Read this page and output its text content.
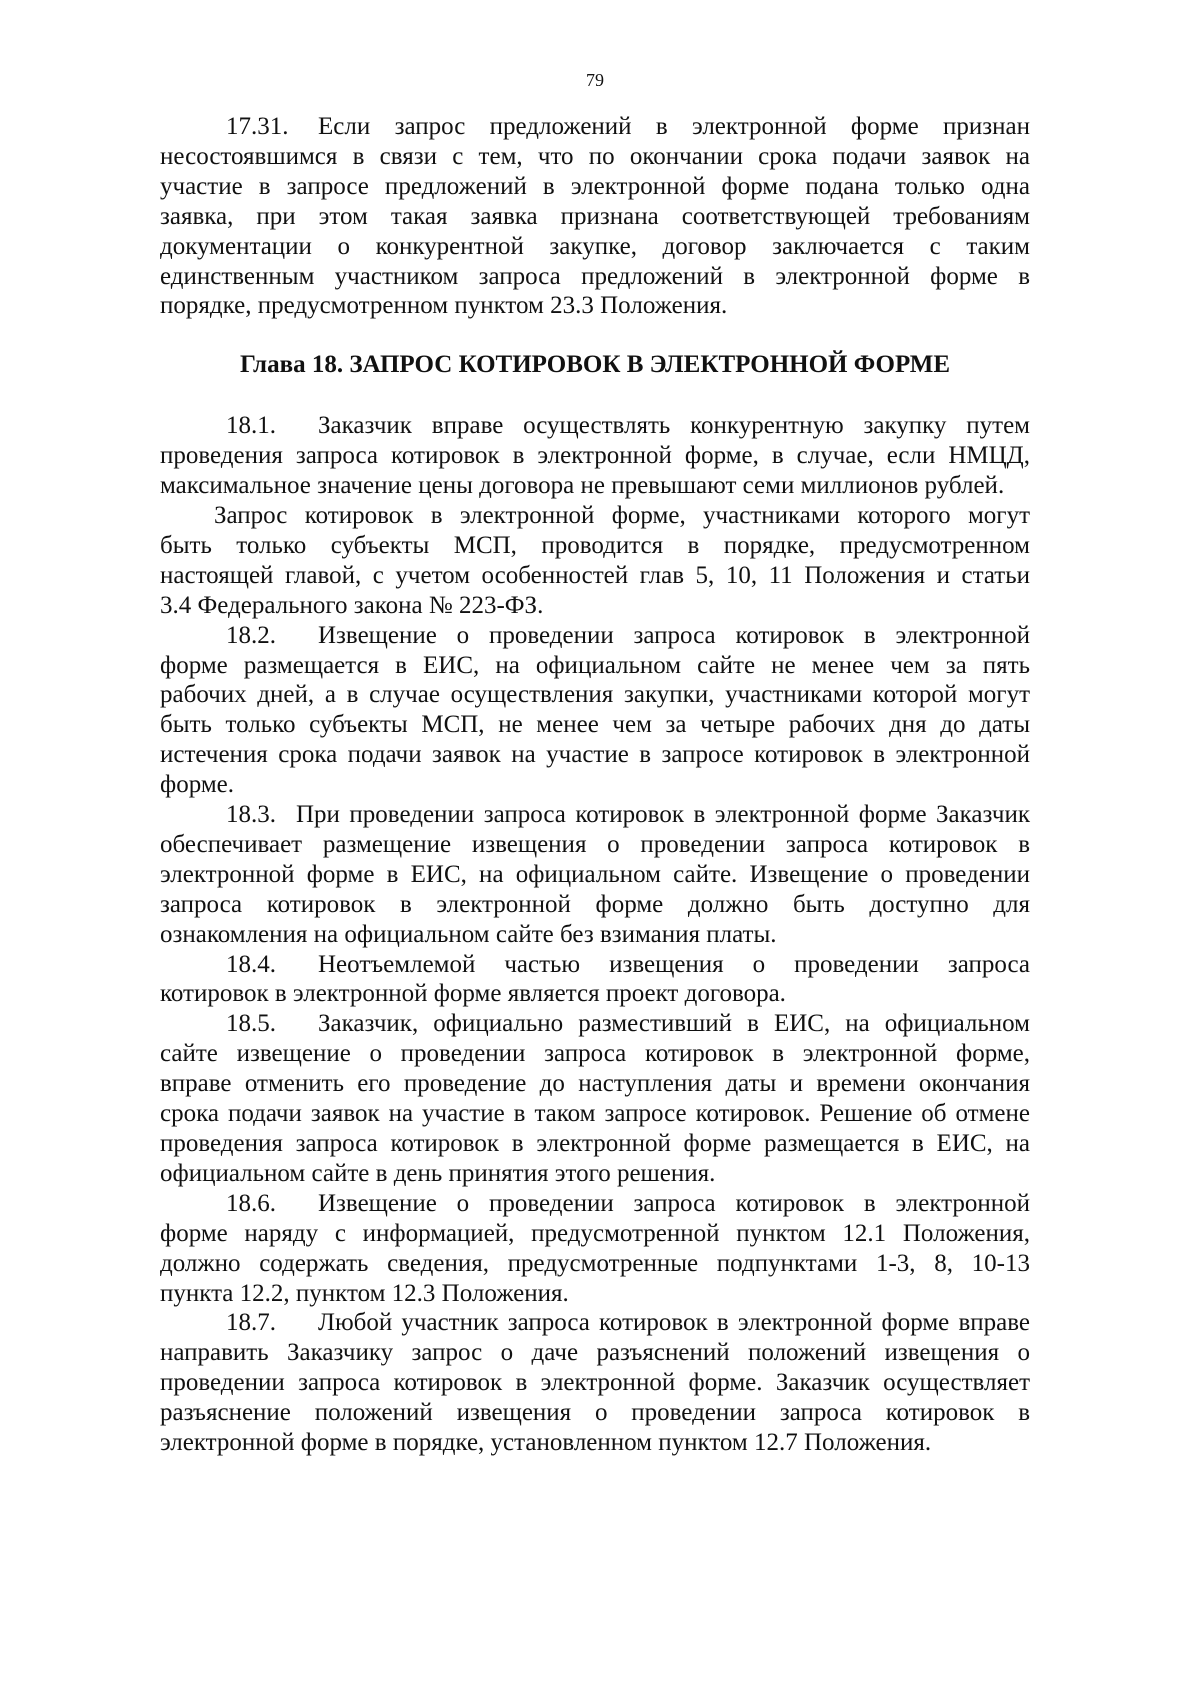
79
17.31.	Если запрос предложений в электронной форме признан
несостоявшимся в связи с тем, что по окончании срока подачи заявок на
участие в запросе предложений в электронной форме подана только одна
заявка, при этом такая заявка признана соответствующей требованиям
документации о конкурентной закупке, договор заключается с таким
единственным участником запроса предложений в электронной форме в
порядке, предусмотренном пунктом 23.3 Положения.
Глава 18. ЗАПРОС КОТИРОВОК В ЭЛЕКТРОННОЙ ФОРМЕ
18.1.	Заказчик вправе осуществлять конкурентную закупку путем
проведения запроса котировок в электронной форме, в случае, если НМЦД,
максимальное значение цены договора не превышают семи миллионов рублей.
Запрос котировок в электронной форме, участниками которого могут
быть только субъекты МСП, проводится в порядке, предусмотренном
настоящей главой, с учетом особенностей глав 5, 10, 11 Положения и статьи
3.4 Федерального закона № 223-ФЗ.
18.2.	Извещение о проведении запроса котировок в электронной
форме размещается в ЕИС, на официальном сайте не менее чем за пять
рабочих дней, а в случае осуществления закупки, участниками которой могут
быть только субъекты МСП, не менее чем за четыре рабочих дня до даты
истечения срока подачи заявок на участие в запросе котировок в электронной
форме.
18.3. При проведении запроса котировок в электронной форме Заказчик
обеспечивает размещение извещения о проведении запроса котировок в
электронной форме в ЕИС, на официальном сайте. Извещение о проведении
запроса котировок в электронной форме должно быть доступно для
ознакомления на официальном сайте без взимания платы.
18.4.	Неотъемлемой частью извещения о проведении запроса
котировок в электронной форме является проект договора.
18.5.	Заказчик, официально разместивший в ЕИС, на официальном
сайте извещение о проведении запроса котировок в электронной форме,
вправе отменить его проведение до наступления даты и времени окончания
срока подачи заявок на участие в таком запросе котировок. Решение об отмене
проведения запроса котировок в электронной форме размещается в ЕИС, на
официальном сайте в день принятия этого решения.
18.6.	Извещение о проведении запроса котировок в электронной
форме наряду с информацией, предусмотренной пунктом 12.1 Положения,
должно содержать сведения, предусмотренные подпунктами 1-3, 8, 10-13
пункта 12.2, пунктом 12.3 Положения.
18.7.	Любой участник запроса котировок в электронной форме вправе
направить Заказчику запрос о даче разъяснений положений извещения о
проведении запроса котировок в электронной форме. Заказчик осуществляет
разъяснение положений извещения о проведении запроса котировок в
электронной форме в порядке, установленном пунктом 12.7 Положения.
